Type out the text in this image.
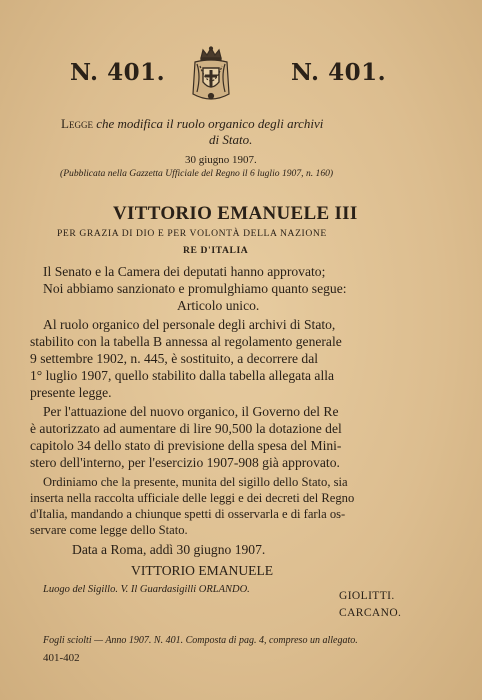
N. 401.	N. 401.
Legge che modifica il ruolo organico degli archivi
di Stato.
30 giugno 1907.
(Pubblicata nella Gazzetta Ufficiale del Regno il 6 luglio 1907, n. 160)
VITTORIO EMANUELE III
PER GRAZIA DI DIO E PER VOLONTÀ DELLA NAZIONE
RE D'ITALIA
Il Senato e la Camera dei deputati hanno approvato;
Noi abbiamo sanzionato e promulghiamo quanto segue:
Articolo unico.
Al ruolo organico del personale degli archivi di Stato,
stabilito con la tabella B annessa al regolamento generale
9 settembre 1902, n. 445, è sostituito, a decorrere dal
1° luglio 1907, quello stabilito dalla tabella allegata alla
presente legge.
Per l'attuazione del nuovo organico, il Governo del Re
è autorizzato ad aumentare di lire 90,500 la dotazione del
capitolo 34 dello stato di previsione della spesa del Mini-
stero dell'interno, per l'esercizio 1907-908 già approvato.
Ordiniamo che la presente, munita del sigillo dello Stato, sia
inserta nella raccolta ufficiale delle leggi e dei decreti del Regno
d'Italia, mandando a chiunque spetti di osservarla e di farla os-
servare come legge dello Stato.
Data a Roma, addì 30 giugno 1907.
VITTORIO EMANUELE
Luogo del Sigillo. V. Il Guardasigilli ORLANDO.
GIOLITTI.
CARCANO.
Fogli sciolti — Anno 1907. N. 401. Composta di pag. 4, compreso un allegato.
401-402
